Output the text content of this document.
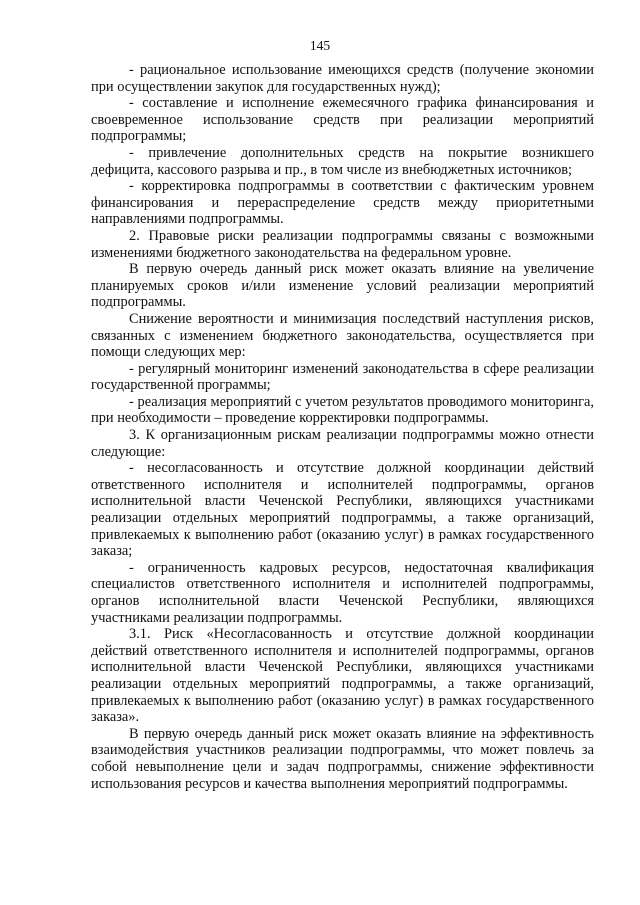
145

- рациональное использование имеющихся средств (получение экономии при осуществлении закупок для государственных нужд);

- составление и исполнение ежемесячного графика финансирования и своевременное использование средств при реализации мероприятий подпрограммы;

- привлечение дополнительных средств на покрытие возникшего дефицита, кассового разрыва и пр., в том числе из внебюджетных источников;

- корректировка подпрограммы в соответствии с фактическим уровнем финансирования и перераспределение средств между приоритетными направлениями подпрограммы.

2. Правовые риски реализации подпрограммы связаны с возможными изменениями бюджетного законодательства на федеральном уровне.

В первую очередь данный риск может оказать влияние на увеличение планируемых сроков и/или изменение условий реализации мероприятий подпрограммы.

Снижение вероятности и минимизация последствий наступления рисков, связанных с изменением бюджетного законодательства, осуществляется при помощи следующих мер:

- регулярный мониторинг изменений законодательства в сфере реализации государственной программы;

- реализация мероприятий с учетом результатов проводимого мониторинга, при необходимости – проведение корректировки подпрограммы.

3. К организационным рискам реализации подпрограммы можно отнести следующие:

- несогласованность и отсутствие должной координации действий ответственного исполнителя и исполнителей подпрограммы, органов исполнительной власти Чеченской Республики, являющихся участниками реализации отдельных мероприятий подпрограммы, а также организаций, привлекаемых к выполнению работ (оказанию услуг) в рамках государственного заказа;

- ограниченность кадровых ресурсов, недостаточная квалификация специалистов ответственного исполнителя и исполнителей подпрограммы, органов исполнительной власти Чеченской Республики, являющихся участниками реализации подпрограммы.

3.1. Риск «Несогласованность и отсутствие должной координации действий ответственного исполнителя и исполнителей подпрограммы, органов исполнительной власти Чеченской Республики, являющихся участниками реализации отдельных мероприятий подпрограммы, а также организаций, привлекаемых к выполнению работ (оказанию услуг) в рамках государственного заказа».

В первую очередь данный риск может оказать влияние на эффективность взаимодействия участников реализации подпрограммы, что может повлечь за собой невыполнение цели и задач подпрограммы, снижение эффективности использования ресурсов и качества выполнения мероприятий подпрограммы.
